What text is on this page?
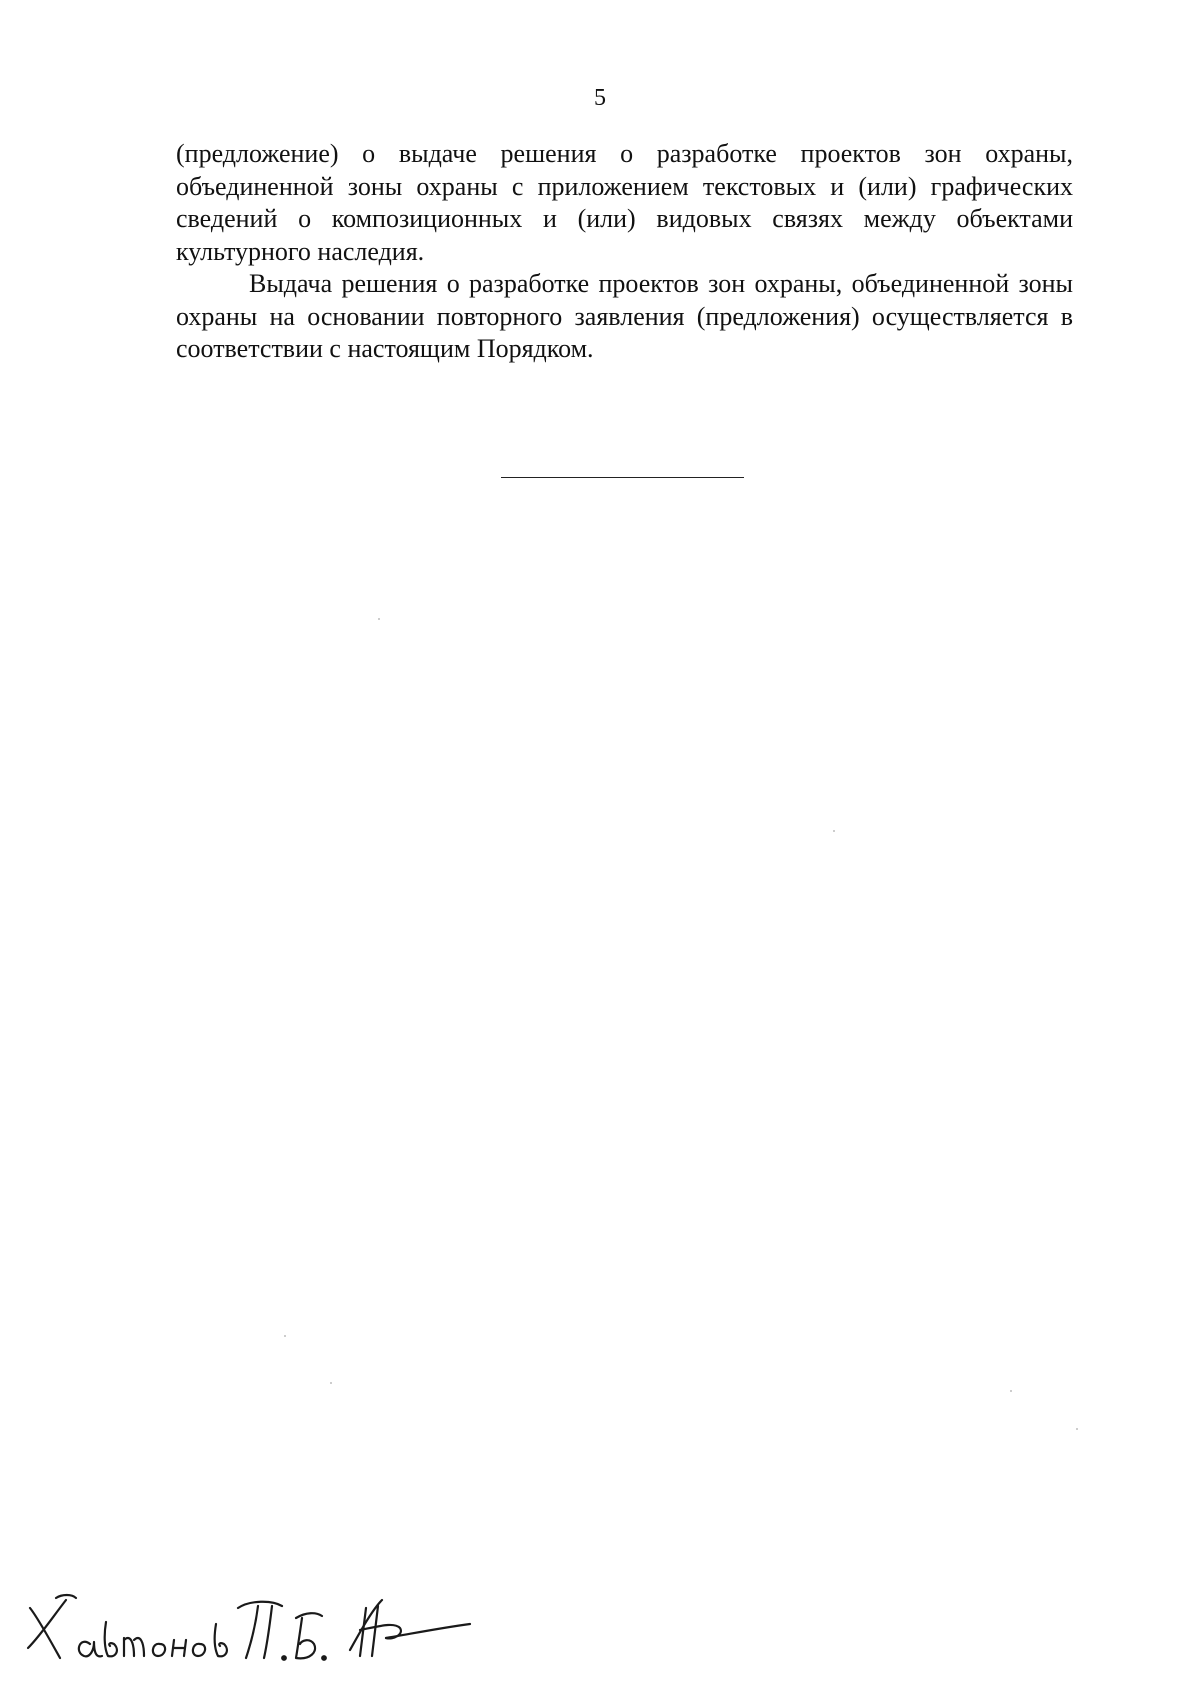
5

(предложение) о выдаче решения о разработке проектов зон охраны, объединенной зоны охраны с приложением текстовых и (или) графических сведений о композиционных и (или) видовых связях между объектами культурного наследия.

Выдача решения о разработке проектов зон охраны, объединенной зоны охраны на основании повторного заявления (предложения) осуществляется в соответствии с настоящим Порядком.
